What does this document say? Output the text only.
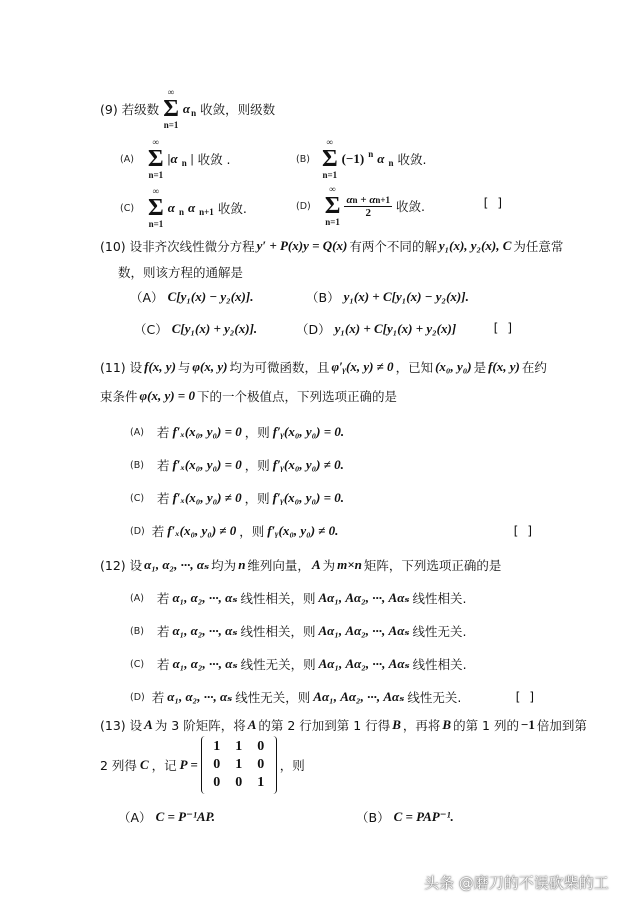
(9) 若级数
∞
Σ
n=1
α n 收敛，则级数
(A)
∞
Σ
n=1
|α n | 收敛 .	(B)
∞
Σ
n=1
(−1) n α n 收敛.
(C)
∞
Σ
n=1
α n α n+1 收敛.	(D)
∞
Σ
n=1
$\frac{\alpha n + \alpha n+1}{2}$ 收敛.	[ ]
(10) 设非齐次线性微分方程 y′ + P(x)y = Q(x) 有两个不同的解 y₁(x), y₂(x), C 为任意常
数，则该方程的通解是
（A） C[y₁(x) − y₂(x)].	（B） y₁(x) + C[y₁(x) − y₂(x)].
（C） C[y₁(x) + y₂(x)].	（D） y₁(x) + C[y₁(x) + y₂(x)]	[ ]
(11) 设 f(x, y) 与 φ(x, y) 均为可微函数，且 φ′ᵧ(x, y) ≠ 0 ，已知 (x₀, y₀) 是 f(x, y) 在约
束条件 φ(x, y) = 0 下的一个极值点，下列选项正确的是
(A) 若 f′ₓ(x₀, y₀) = 0 ，则 f′ᵧ(x₀, y₀) = 0.
(B) 若 f′ₓ(x₀, y₀) = 0 ，则 f′ᵧ(x₀, y₀) ≠ 0.
(C) 若 f′ₓ(x₀, y₀) ≠ 0 ，则 f′ᵧ(x₀, y₀) = 0.
(D) 若 f′ₓ(x₀, y₀) ≠ 0 ，则 f′ᵧ(x₀, y₀) ≠ 0.	[ ]
(12) 设 α₁, α₂, ···, αₛ 均为 n 维列向量， A 为 m×n 矩阵，下列选项正确的是
(A) 若 α₁, α₂, ···, αₛ 线性相关，则 Aα₁, Aα₂, ···, Aαₛ 线性相关.
(B) 若 α₁, α₂, ···, αₛ 线性相关，则 Aα₁, Aα₂, ···, Aαₛ 线性无关.
(C) 若 α₁, α₂, ···, αₛ 线性无关，则 Aα₁, Aα₂, ···, Aαₛ 线性相关.
(D) 若 α₁, α₂, ···, αₛ 线性无关，则 Aα₁, Aα₂, ···, Aαₛ 线性无关.	[ ]
(13) 设 A 为 3 阶矩阵，将 A 的第 2 行加到第 1 行得 B ，再将 B 的第 1 列的 −1 倍加到第
2 列得 C ，记 P =
1	1	0
0	1	0
0	0	1
，则
（A） C = P⁻¹AP.	（B） C = PAP⁻¹.
头条 @磨刀的不误砍柴的工
